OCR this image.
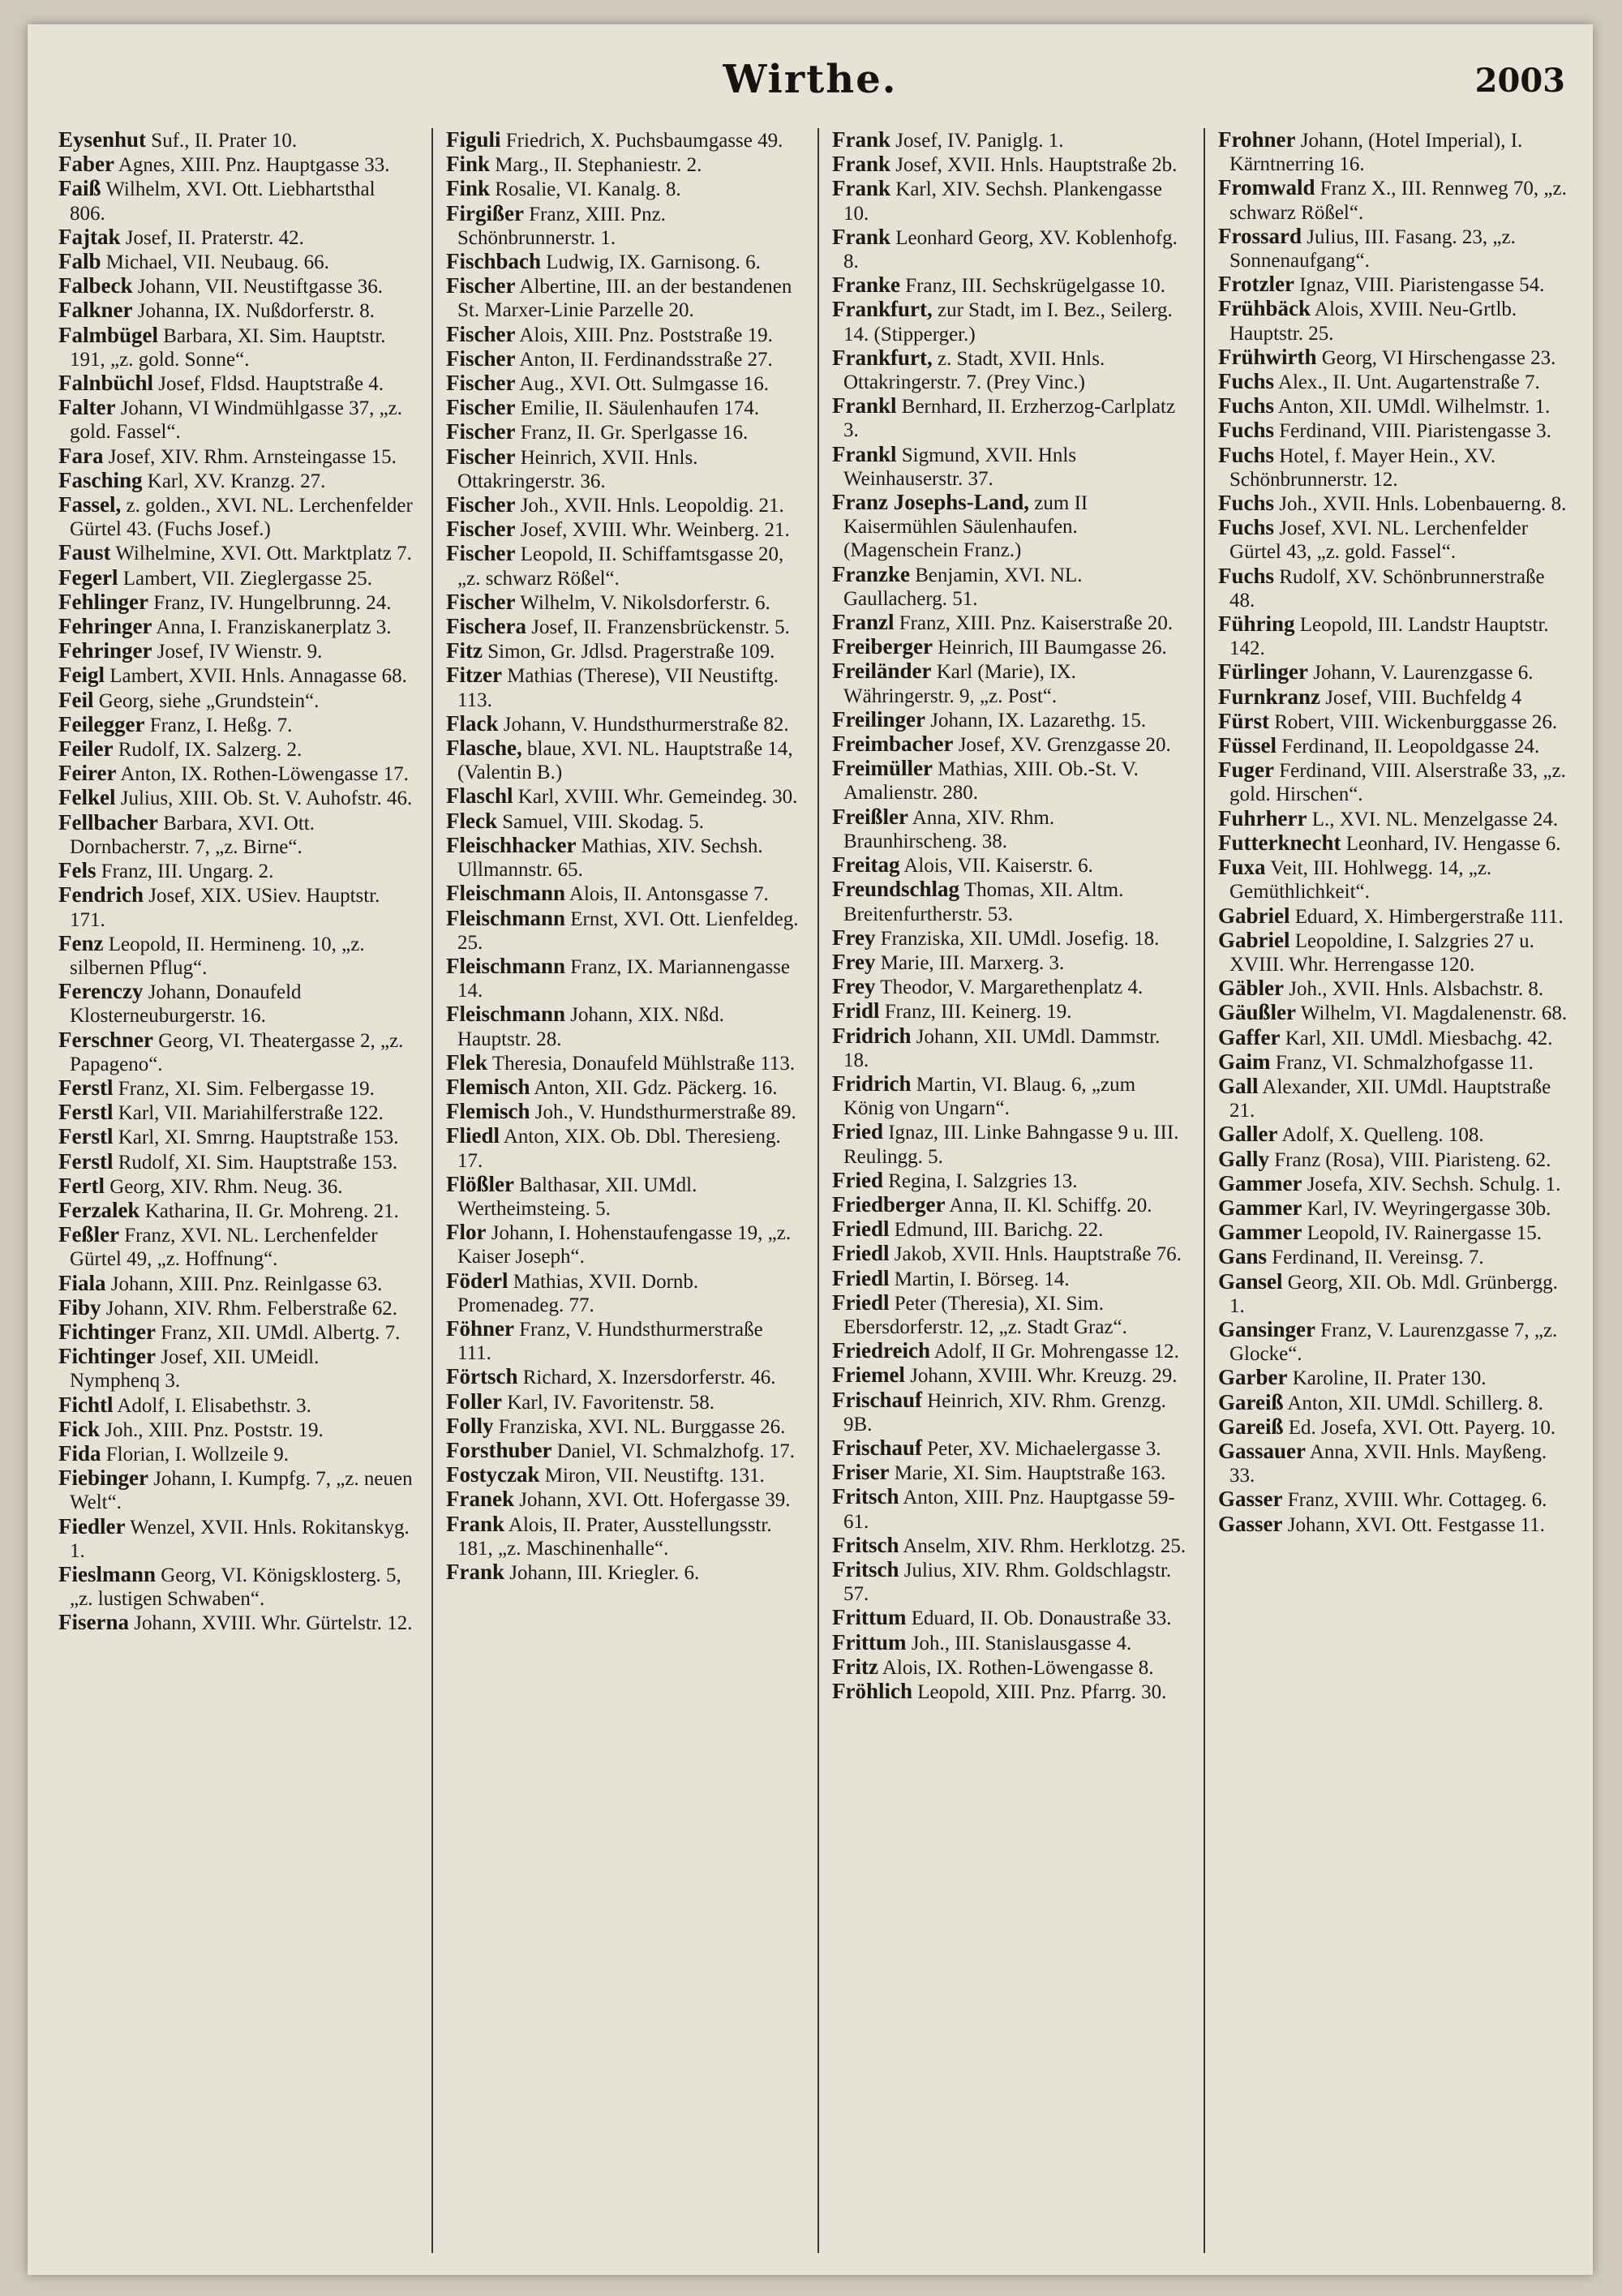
Wirthe.	2003

Eysenhut Suf., II. Prater 10.

Faber Agnes, XIII. Pnz. Hauptgasse 33.

Faiß Wilhelm, XVI. Ott. Liebhartsthal 806.

Fajtak Josef, II. Praterstr. 42.

Falb Michael, VII. Neubaug. 66.

Falbeck Johann, VII. Neustiftgasse 36.

Falkner Johanna, IX. Nußdorferstr. 8.

Falmbügel Barbara, XI. Sim. Hauptstr. 191, „z. gold. Sonne“.

Falnbüchl Josef, Fldsd. Hauptstraße 4.

Falter Johann, VI Windmühlgasse 37, „z. gold. Fassel“.

Fara Josef, XIV. Rhm. Arnsteingasse 15.

Fasching Karl, XV. Kranzg. 27.

Fassel, z. golden., XVI. NL. Lerchenfelder Gürtel 43. (Fuchs Josef.)

Faust Wilhelmine, XVI. Ott. Marktplatz 7.

Fegerl Lambert, VII. Zieglergasse 25.

Fehlinger Franz, IV. Hungelbrunng. 24.

Fehringer Anna, I. Franziskanerplatz 3.

Fehringer Josef, IV Wienstr. 9.

Feigl Lambert, XVII. Hnls. Annagasse 68.

Feil Georg, siehe „Grundstein“.

Feilegger Franz, I. Heßg. 7.

Feiler Rudolf, IX. Salzerg. 2.

Feirer Anton, IX. Rothen-Löwengasse 17.

Felkel Julius, XIII. Ob. St. V. Auhofstr. 46.

Fellbacher Barbara, XVI. Ott. Dornbacherstr. 7, „z. Birne“.

Fels Franz, III. Ungarg. 2.

Fendrich Josef, XIX. USiev. Hauptstr. 171.

Fenz Leopold, II. Hermineng. 10, „z. silbernen Pflug“.

Ferenczy Johann, Donaufeld Klosterneuburgerstr. 16.

Ferschner Georg, VI. Theatergasse 2, „z. Papageno“.

Ferstl Franz, XI. Sim. Felbergasse 19.

Ferstl Karl, VII. Mariahilferstraße 122.

Ferstl Karl, XI. Smrng. Hauptstraße 153.

Ferstl Rudolf, XI. Sim. Hauptstraße 153.

Fertl Georg, XIV. Rhm. Neug. 36.

Ferzalek Katharina, II. Gr. Mohreng. 21.

Feßler Franz, XVI. NL. Lerchenfelder Gürtel 49, „z. Hoffnung“.

Fiala Johann, XIII. Pnz. Reinlgasse 63.

Fiby Johann, XIV. Rhm. Felberstraße 62.

Fichtinger Franz, XII. UMdl. Albertg. 7.

Fichtinger Josef, XII. UMeidl. Nymphenq 3.

Fichtl Adolf, I. Elisabethstr. 3.

Fick Joh., XIII. Pnz. Poststr. 19.

Fida Florian, I. Wollzeile 9.

Fiebinger Johann, I. Kumpfg. 7, „z. neuen Welt“.

Fiedler Wenzel, XVII. Hnls. Rokitanskyg. 1.

Fieslmann Georg, VI. Königsklosterg. 5, „z. lustigen Schwaben“.

Fiserna Johann, XVIII. Whr. Gürtelstr. 12.

Figuli Friedrich, X. Puchsbaumgasse 49.

Fink Marg., II. Stephaniestr. 2.

Fink Rosalie, VI. Kanalg. 8.

Firgißer Franz, XIII. Pnz. Schönbrunnerstr. 1.

Fischbach Ludwig, IX. Garnisong. 6.

Fischer Albertine, III. an der bestandenen St. Marxer-Linie Parzelle 20.

Fischer Alois, XIII. Pnz. Poststraße 19.

Fischer Anton, II. Ferdinandsstraße 27.

Fischer Aug., XVI. Ott. Sulmgasse 16.

Fischer Emilie, II. Säulenhaufen 174.

Fischer Franz, II. Gr. Sperlgasse 16.

Fischer Heinrich, XVII. Hnls. Ottakringerstr. 36.

Fischer Joh., XVII. Hnls. Leopoldig. 21.

Fischer Josef, XVIII. Whr. Weinberg. 21.

Fischer Leopold, II. Schiffamtsgasse 20, „z. schwarz Rößel“.

Fischer Wilhelm, V. Nikolsdorferstr. 6.

Fischera Josef, II. Franzensbrückenstr. 5.

Fitz Simon, Gr. Jdlsd. Pragerstraße 109.

Fitzer Mathias (Therese), VII Neustiftg. 113.

Flack Johann, V. Hundsthurmerstraße 82.

Flasche, blaue, XVI. NL. Hauptstraße 14, (Valentin B.)

Flaschl Karl, XVIII. Whr. Gemeindeg. 30.

Fleck Samuel, VIII. Skodag. 5.

Fleischhacker Mathias, XIV. Sechsh. Ullmannstr. 65.

Fleischmann Alois, II. Antonsgasse 7.

Fleischmann Ernst, XVI. Ott. Lienfeldeg. 25.

Fleischmann Franz, IX. Mariannengasse 14.

Fleischmann Johann, XIX. Nßd. Hauptstr. 28.

Flek Theresia, Donaufeld Mühlstraße 113.

Flemisch Anton, XII. Gdz. Päckerg. 16.

Flemisch Joh., V. Hundsthurmerstraße 89.

Fliedl Anton, XIX. Ob. Dbl. Theresieng. 17.

Flößler Balthasar, XII. UMdl. Wertheimsteing. 5.

Flor Johann, I. Hohenstaufengasse 19, „z. Kaiser Joseph“.

Föderl Mathias, XVII. Dornb. Promenadeg. 77.

Föhner Franz, V. Hundsthurmerstraße 111.

Förtsch Richard, X. Inzersdorferstr. 46.

Foller Karl, IV. Favoritenstr. 58.

Folly Franziska, XVI. NL. Burggasse 26.

Forsthuber Daniel, VI. Schmalzhofg. 17.

Fostyczak Miron, VII. Neustiftg. 131.

Franek Johann, XVI. Ott. Hofergasse 39.

Frank Alois, II. Prater, Ausstellungsstr. 181, „z. Maschinenhalle“.

Frank Johann, III. Kriegler. 6.

Frank Josef, IV. Paniglg. 1.

Frank Josef, XVII. Hnls. Hauptstraße 2b.

Frank Karl, XIV. Sechsh. Plankengasse 10.

Frank Leonhard Georg, XV. Koblenhofg. 8.

Franke Franz, III. Sechskrügelgasse 10.

Frankfurt, zur Stadt, im I. Bez., Seilerg. 14. (Stipperger.)

Frankfurt, z. Stadt, XVII. Hnls. Ottakringerstr. 7. (Prey Vinc.)

Frankl Bernhard, II. Erzherzog-Carlplatz 3.

Frankl Sigmund, XVII. Hnls Weinhauserstr. 37.

Franz Josephs-Land, zum II Kaisermühlen Säulenhaufen. (Magenschein Franz.)

Franzke Benjamin, XVI. NL. Gaullacherg. 51.

Franzl Franz, XIII. Pnz. Kaiserstraße 20.

Freiberger Heinrich, III Baumgasse 26.

Freiländer Karl (Marie), IX. Währingerstr. 9, „z. Post“.

Freilinger Johann, IX. Lazarethg. 15.

Freimbacher Josef, XV. Grenzgasse 20.

Freimüller Mathias, XIII. Ob.-St. V. Amalienstr. 280.

Freißler Anna, XIV. Rhm. Braunhirscheng. 38.

Freitag Alois, VII. Kaiserstr. 6.

Freundschlag Thomas, XII. Altm. Breitenfurtherstr. 53.

Frey Franziska, XII. UMdl. Josefig. 18.

Frey Marie, III. Marxerg. 3.

Frey Theodor, V. Margarethenplatz 4.

Fridl Franz, III. Keinerg. 19.

Fridrich Johann, XII. UMdl. Dammstr. 18.

Fridrich Martin, VI. Blaug. 6, „zum König von Ungarn“.

Fried Ignaz, III. Linke Bahngasse 9 u. III. Reulingg. 5.

Fried Regina, I. Salzgries 13.

Friedberger Anna, II. Kl. Schiffg. 20.

Friedl Edmund, III. Barichg. 22.

Friedl Jakob, XVII. Hnls. Hauptstraße 76.

Friedl Martin, I. Börseg. 14.

Friedl Peter (Theresia), XI. Sim. Ebersdorferstr. 12, „z. Stadt Graz“.

Friedreich Adolf, II Gr. Mohrengasse 12.

Friemel Johann, XVIII. Whr. Kreuzg. 29.

Frischauf Heinrich, XIV. Rhm. Grenzg. 9B.

Frischauf Peter, XV. Michaelergasse 3.

Friser Marie, XI. Sim. Hauptstraße 163.

Fritsch Anton, XIII. Pnz. Hauptgasse 59-61.

Fritsch Anselm, XIV. Rhm. Herklotzg. 25.

Fritsch Julius, XIV. Rhm. Goldschlagstr. 57.

Frittum Eduard, II. Ob. Donaustraße 33.

Frittum Joh., III. Stanislausgasse 4.

Fritz Alois, IX. Rothen-Löwengasse 8.

Fröhlich Leopold, XIII. Pnz. Pfarrg. 30.

Frohner Johann, (Hotel Imperial), I. Kärntnerring 16.

Fromwald Franz X., III. Rennweg 70, „z. schwarz Rößel“.

Frossard Julius, III. Fasang. 23, „z. Sonnenaufgang“.

Frotzler Ignaz, VIII. Piaristengasse 54.

Frühbäck Alois, XVIII. Neu-Grtlb. Hauptstr. 25.

Frühwirth Georg, VI Hirschengasse 23.

Fuchs Alex., II. Unt. Augartenstraße 7.

Fuchs Anton, XII. UMdl. Wilhelmstr. 1.

Fuchs Ferdinand, VIII. Piaristengasse 3.

Fuchs Hotel, f. Mayer Hein., XV. Schönbrunnerstr. 12.

Fuchs Joh., XVII. Hnls. Lobenbauerng. 8.

Fuchs Josef, XVI. NL. Lerchenfelder Gürtel 43, „z. gold. Fassel“.

Fuchs Rudolf, XV. Schönbrunnerstraße 48.

Führing Leopold, III. Landstr Hauptstr. 142.

Fürlinger Johann, V. Laurenzgasse 6.

Furnkranz Josef, VIII. Buchfeldg 4

Fürst Robert, VIII. Wickenburggasse 26.

Füssel Ferdinand, II. Leopoldgasse 24.

Fuger Ferdinand, VIII. Alserstraße 33, „z. gold. Hirschen“.

Fuhrherr L., XVI. NL. Menzelgasse 24.

Futterknecht Leonhard, IV. Hengasse 6.

Fuxa Veit, III. Hohlwegg. 14, „z. Gemüthlichkeit“.

Gabriel Eduard, X. Himbergerstraße 111.

Gabriel Leopoldine, I. Salzgries 27 u. XVIII. Whr. Herrengasse 120.

Gäbler Joh., XVII. Hnls. Alsbachstr. 8.

Gäußler Wilhelm, VI. Magdalenenstr. 68.

Gaffer Karl, XII. UMdl. Miesbachg. 42.

Gaim Franz, VI. Schmalzhofgasse 11.

Gall Alexander, XII. UMdl. Hauptstraße 21.

Galler Adolf, X. Quelleng. 108.

Gally Franz (Rosa), VIII. Piaristeng. 62.

Gammer Josefa, XIV. Sechsh. Schulg. 1.

Gammer Karl, IV. Weyringergasse 30b.

Gammer Leopold, IV. Rainergasse 15.

Gans Ferdinand, II. Vereinsg. 7.

Gansel Georg, XII. Ob. Mdl. Grünbergg. 1.

Gansinger Franz, V. Laurenzgasse 7, „z. Glocke“.

Garber Karoline, II. Prater 130.

Gareiß Anton, XII. UMdl. Schillerg. 8.

Gareiß Ed. Josefa, XVI. Ott. Payerg. 10.

Gassauer Anna, XVII. Hnls. Mayßeng. 33.

Gasser Franz, XVIII. Whr. Cottageg. 6.

Gasser Johann, XVI. Ott. Festgasse 11.
